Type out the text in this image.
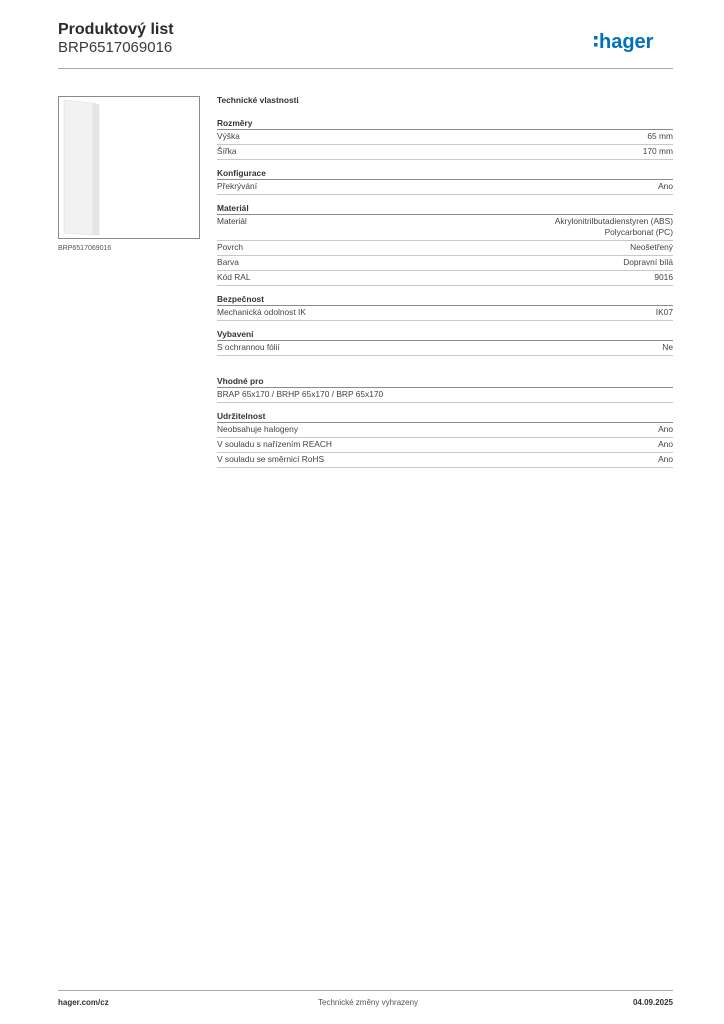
Produktový list
BRP6517069016	hager
BRP6517069016
Technické vlastnosti
Rozměry
Výška	65 mm
Šířka	170 mm
Konfigurace
Překrývání	Ano
Materiál
Materiál	Akrylonitrilbutadienstyren (ABS)
Polycarbonat (PC)
Povrch	Neošetřený
Barva	Dopravní bílá
Kód RAL	9016
Bezpečnost
Mechanická odolnost IK	IK07
Vybavení
S ochrannou fólií	Ne
Vhodné pro
BRAP 65x170 / BRHP 65x170 / BRP 65x170
Udržitelnost
Neobsahuje halogeny	Ano
V souladu s nařízením REACH	Ano
V souladu se směrnicí RoHS	Ano
hager.com/cz	Technické změny vyhrazeny	04.09.2025
